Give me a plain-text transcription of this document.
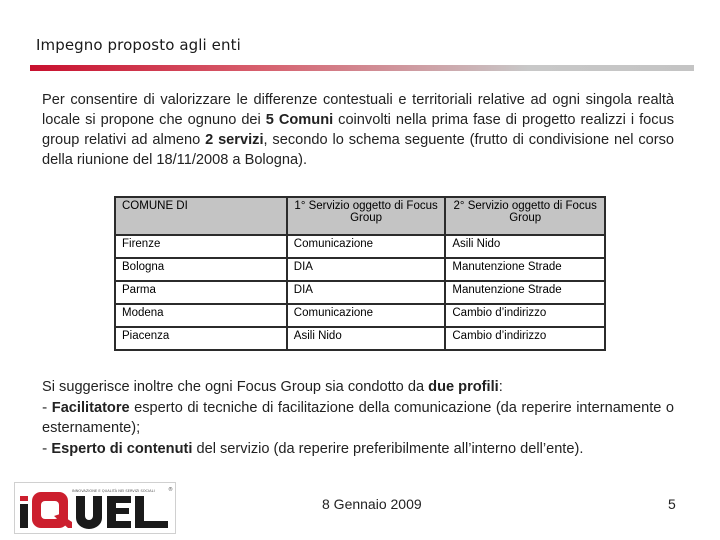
Impegno proposto agli enti

Per consentire di valorizzare le differenze contestuali e territoriali relative ad ogni singola realtà locale si propone che ognuno dei 5 Comuni coinvolti nella prima fase di progetto realizzi i focus group relativi ad almeno 2 servizi, secondo lo schema seguente (frutto di condivisione nel corso della riunione del 18/11/2008 a Bologna).

COMUNE DI	1° Servizio oggetto di Focus Group	2° Servizio oggetto di Focus Group
Firenze	Comunicazione	Asili Nido
Bologna	DIA	Manutenzione Strade
Parma	DIA	Manutenzione Strade
Modena	Comunicazione	Cambio d’indirizzo
Piacenza	Asili Nido	Cambio d’indirizzo

Si suggerisce inoltre che ogni Focus Group sia condotto da due profili:

- Facilitatore esperto di tecniche di facilitazione della comunicazione (da reperire internamente o esternamente);

- Esperto di contenuti del servizio (da reperire preferibilmente all’interno dell’ente).

INNOVAZIONE E QUALITÀ NEI SERVIZI SOCIALI	®
8 Gennaio 2009	5
